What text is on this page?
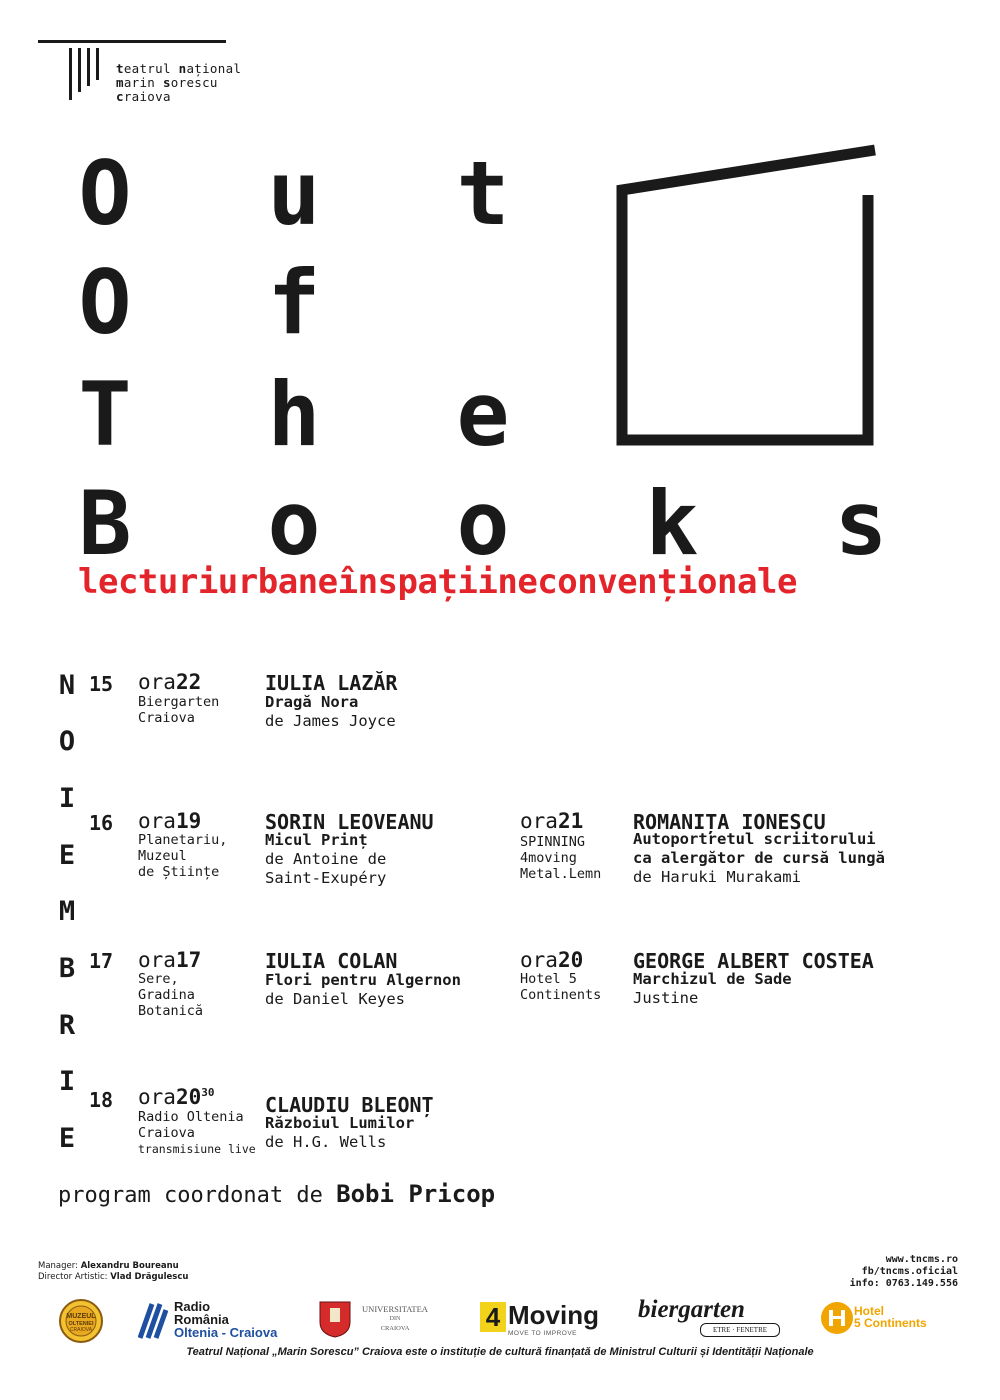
teatrul național
marin sorescu
craiova
O u t
O f
T h e
B o o k s
lecturiurbaneînspațiineconvenționale
N
O
I
E
M
B
R
I
E
15 ora22
Biergarten
Craiova
IULIA LAZĂR
Dragă Nora
de James Joyce
16 ora19
Planetariu,
Muzeul
de Științe
SORIN LEOVEANU
Micul Prinț
de Antoine de
Saint-Exupéry
ora21
SPINNING
4moving
Metal.Lemn
ROMANIȚA IONESCU
Autoportretul scriitorului
ca alergător de cursă lungă
de Haruki Murakami
17 ora17
Sere,
Gradina
Botanică
IULIA COLAN
Flori pentru Algernon
de Daniel Keyes
ora20
Hotel 5
Continents
GEORGE ALBERT COSTEA
Marchizul de Sade
Justine
18 $ora20^{30}$
Radio Oltenia
Craiova
transmisiune live
CLAUDIU BLEONȚ
Războiul Lumilor
de H.G. Wells
program coordonat de Bobi Pricop
Manager: Alexandru Boureanu
Director Artistic: Vlad Drăgulescu
www.tncms.ro
fb/tncms.oficial
info: 0763.149.556
MUZEUL
OLTENIEI
CRAIOVA
Radio
România
Oltenia - Craiova
UNIVERSITATEA
DIN
CRAIOVA	4 Moving
MOVE TO IMPROVE
biergarten
ETRE · FENETRE
Hotel
5 Continents
Teatrul Național „Marin Sorescu” Craiova este o instituție de cultură finanțată de Ministrul Culturii și Identității Naționale
